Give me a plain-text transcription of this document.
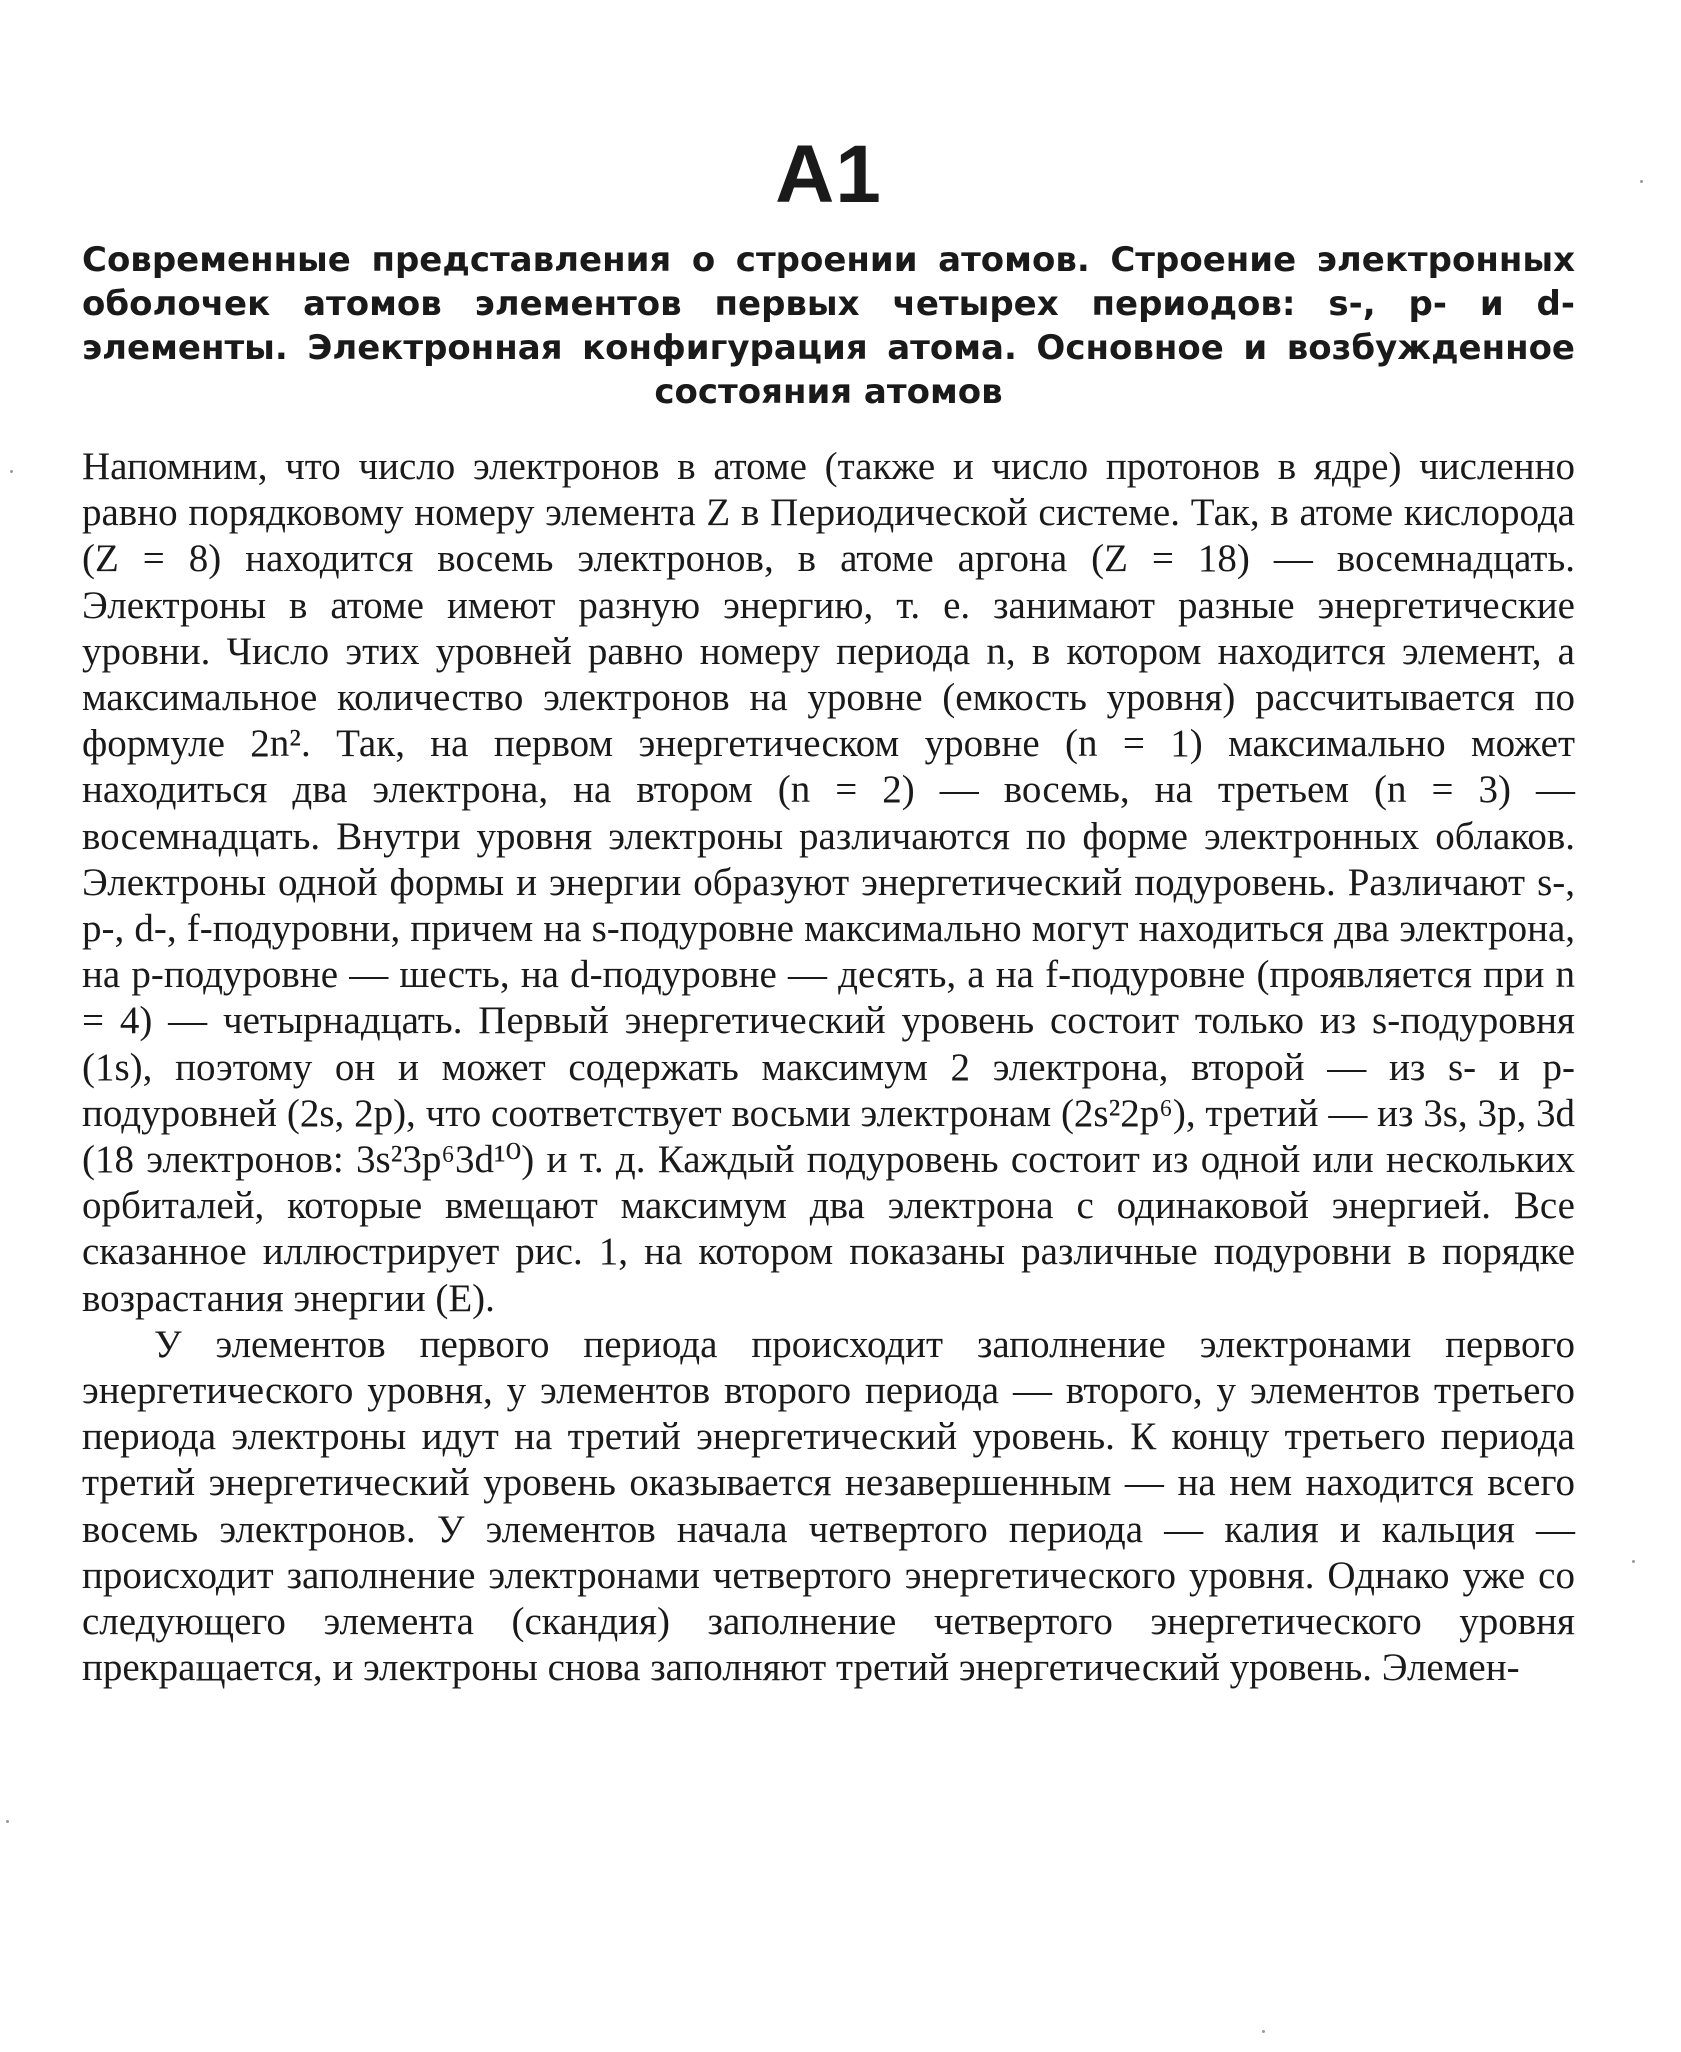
А1
Современные представления о строении атомов. Строение электронных оболочек атомов элементов первых четырех периодов: s-, p- и d-элементы. Электронная конфигурация атома. Основное и возбужденное состояния атомов

Напомним, что число электронов в атоме (также и число протонов в ядре) численно равно порядковому номеру элемента Z в Периодической системе. Так, в атоме кислорода (Z = 8) находится восемь электронов, в атоме аргона (Z = 18) — восемнадцать. Электроны в атоме имеют разную энергию, т. е. занимают разные энергетические уровни. Число этих уровней равно номеру периода n, в котором находится элемент, а максимальное количество электронов на уровне (емкость уровня) рассчитывается по формуле 2n². Так, на первом энергетическом уровне (n = 1) максимально может находиться два электрона, на втором (n = 2) — восемь, на третьем (n = 3) — восемнадцать. Внутри уровня электроны различаются по форме электронных облаков. Электроны одной формы и энергии образуют энергетический подуровень. Различают s-, p-, d-, f-подуровни, причем на s-подуровне максимально могут находиться два электрона, на p-подуровне — шесть, на d-подуровне — десять, а на f-подуровне (проявляется при n = 4) — четырнадцать. Первый энергетический уровень состоит только из s-подуровня (1s), поэтому он и может содержать максимум 2 электрона, второй — из s- и p-подуровней (2s, 2p), что соответствует восьми электронам (2s²2p⁶), третий — из 3s, 3p, 3d (18 электронов: 3s²3p⁶3d¹⁰) и т. д. Каждый подуровень состоит из одной или нескольких орбиталей, которые вмещают максимум два электрона с одинаковой энергией. Все сказанное иллюстрирует рис. 1, на котором показаны различные подуровни в порядке возрастания энергии (E).

У элементов первого периода происходит заполнение электронами первого энергетического уровня, у элементов второго периода — второго, у элементов третьего периода электроны идут на третий энергетический уровень. К концу третьего периода третий энергетический уровень оказывается незавершенным — на нем находится всего восемь электронов. У элементов начала четвертого периода — калия и кальция — происходит заполнение электронами четвертого энергетического уровня. Однако уже со следующего элемента (скандия) заполнение четвертого энергетического уровня прекращается, и электроны снова заполняют третий энергетический уровень. Элемен-
